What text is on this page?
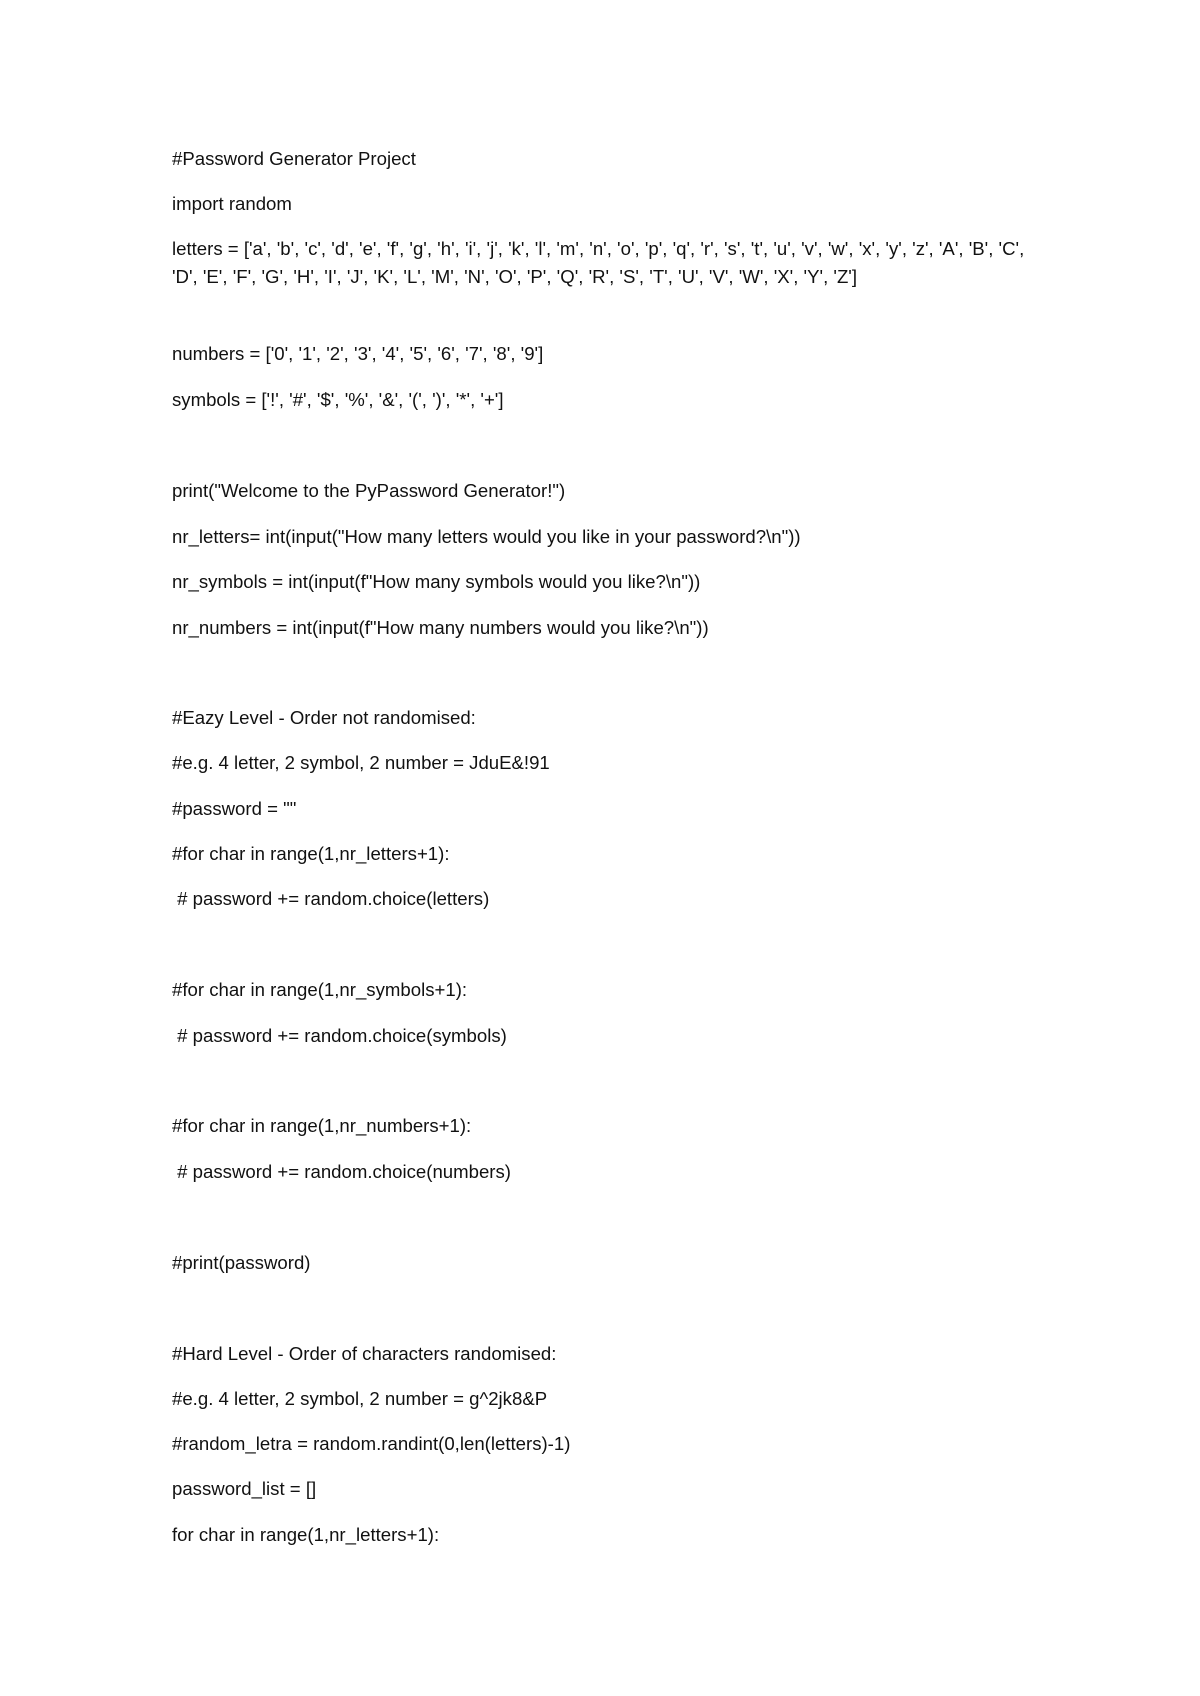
#Password Generator Project
import random
letters = ['a', 'b', 'c', 'd', 'e', 'f', 'g', 'h', 'i', 'j', 'k', 'l', 'm', 'n', 'o', 'p', 'q', 'r', 's', 't', 'u', 'v', 'w', 'x', 'y', 'z', 'A', 'B', 'C', 'D', 'E', 'F', 'G', 'H', 'I', 'J', 'K', 'L', 'M', 'N', 'O', 'P', 'Q', 'R', 'S', 'T', 'U', 'V', 'W', 'X', 'Y', 'Z']
numbers = ['0', '1', '2', '3', '4', '5', '6', '7', '8', '9']
symbols = ['!', '#', '$', '%', '&', '(', ')', '*', '+']
print("Welcome to the PyPassword Generator!")
nr_letters= int(input("How many letters would you like in your password?\n"))
nr_symbols = int(input(f"How many symbols would you like?\n"))
nr_numbers = int(input(f"How many numbers would you like?\n"))
#Eazy Level - Order not randomised:
#e.g. 4 letter, 2 symbol, 2 number = JduE&!91
#password = ""
#for char in range(1,nr_letters+1):
# password += random.choice(letters)
#for char in range(1,nr_symbols+1):
# password += random.choice(symbols)
#for char in range(1,nr_numbers+1):
# password += random.choice(numbers)
#print(password)
#Hard Level - Order of characters randomised:
#e.g. 4 letter, 2 symbol, 2 number = g^2jk8&P
#random_letra = random.randint(0,len(letters)-1)
password_list = []
for char in range(1,nr_letters+1):
